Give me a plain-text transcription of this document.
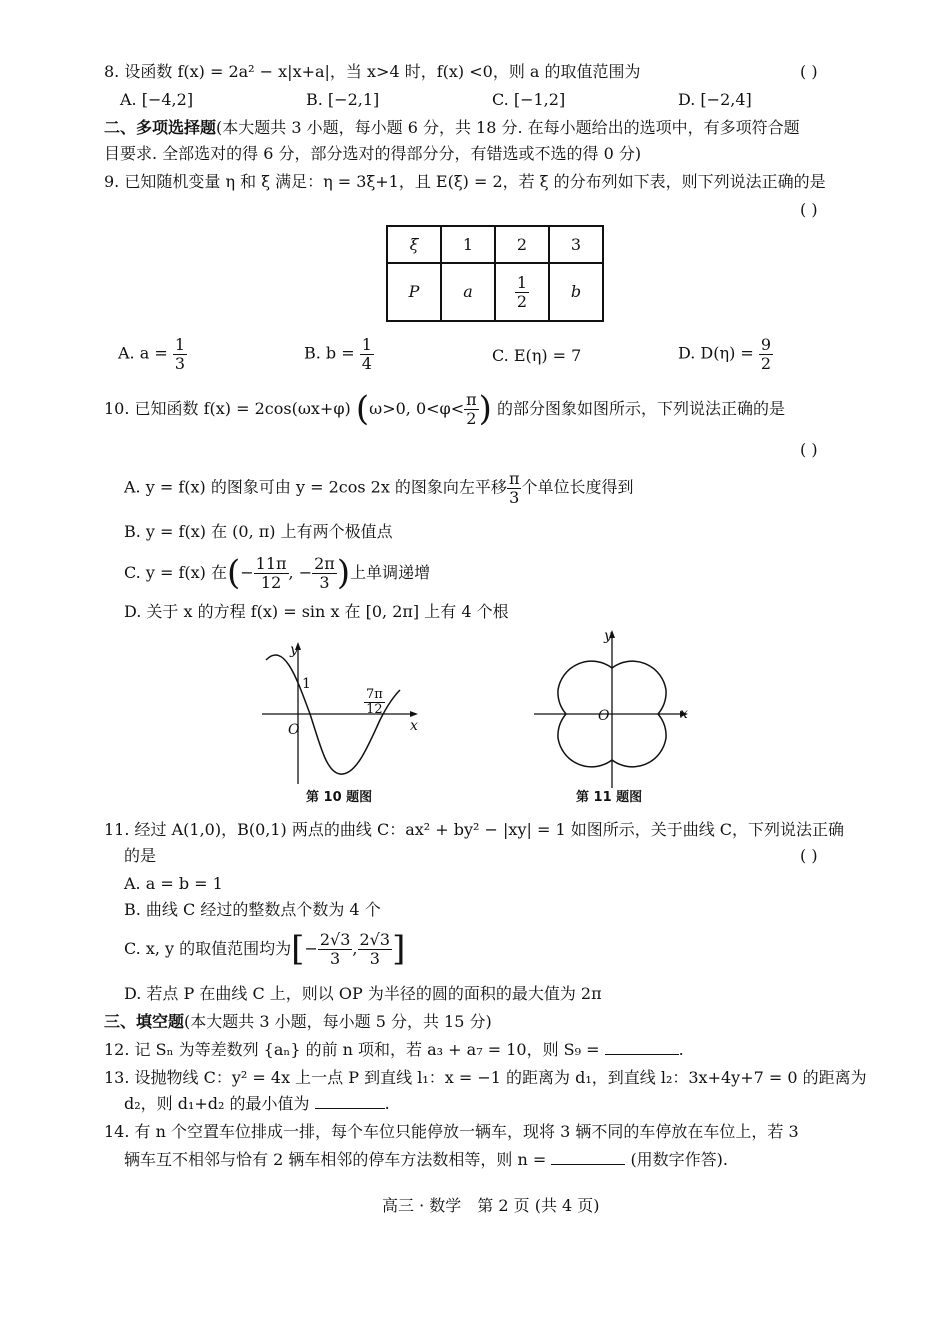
8. 设函数 f(x) = 2a² − x|x+a|，当 x>4 时，f(x) <0，则 a 的取值范围为	( )
A. [−4,2]	B. [−2,1]	C. [−1,2]	D. [−2,4]
二、多项选择题(本大题共 3 小题，每小题 6 分，共 18 分. 在每小题给出的选项中，有多项符合题
目要求. 全部选对的得 6 分，部分选对的得部分分，有错选或不选的得 0 分)
9. 已知随机变量 η 和 ξ 满足：η = 3ξ+1，且 E(ξ) = 2，若 ξ 的分布列如下表，则下列说法正确的是
( )
ξ	1	2	3
P	a	$\frac{1}{2}$	b
A. $a = \frac{1}{3}$	B. $b = \frac{1}{4}$	C. E(η) = 7	D. $D(\eta) = \frac{9}{2}$
10. 已知函数 f(x) = 2cos(ωx+φ) (ω>0, $0<\varphi< \frac{\pi}{2}$ ) 的部分图象如图所示，下列说法正确的是
( )
A. y = f(x) 的图象可由 y = 2cos 2x 的图象向左平移 $\frac{\pi}{3}$ 个单位长度得到
B. y = f(x) 在 (0, π) 上有两个极值点
C. y = f(x) 在(− $\frac{11\pi}{12}$ , − $\frac{2\pi}{3}$ )上单调递增
D. 关于 x 的方程 f(x) = sin x 在 [0, 2π] 上有 4 个根
y
x
O
1
$\frac{7\pi}{12}$
第 10 题图
y
x
O
第 11 题图
11. 经过 A(1,0)，B(0,1) 两点的曲线 C：ax² + by² − |xy| = 1 如图所示，关于曲线 C，下列说法正确
的是	( )
A. a = b = 1
B. 曲线 C 经过的整数点个数为 4 个
C. x, y 的取值范围均为[− $\frac{2√3}{3}$ , $\frac{2√3}{3}$ ]
D. 若点 P 在曲线 C 上，则以 OP 为半径的圆的面积的最大值为 2π
三、填空题(本大题共 3 小题，每小题 5 分，共 15 分)
12. 记 Sₙ 为等差数列 {aₙ} 的前 n 项和，若 a₃ + a₇ = 10，则 S₉ =	.
13. 设抛物线 C：y² = 4x 上一点 P 到直线 l₁：x = −1 的距离为 d₁，到直线 l₂：3x+4y+7 = 0 的距离为
d₂，则 d₁+d₂ 的最小值为	.
14. 有 n 个空置车位排成一排，每个车位只能停放一辆车，现将 3 辆不同的车停放在车位上，若 3
辆车互不相邻与恰有 2 辆车相邻的停车方法数相等，则 n =	(用数字作答).
高三 · 数学　第 2 页 (共 4 页)
